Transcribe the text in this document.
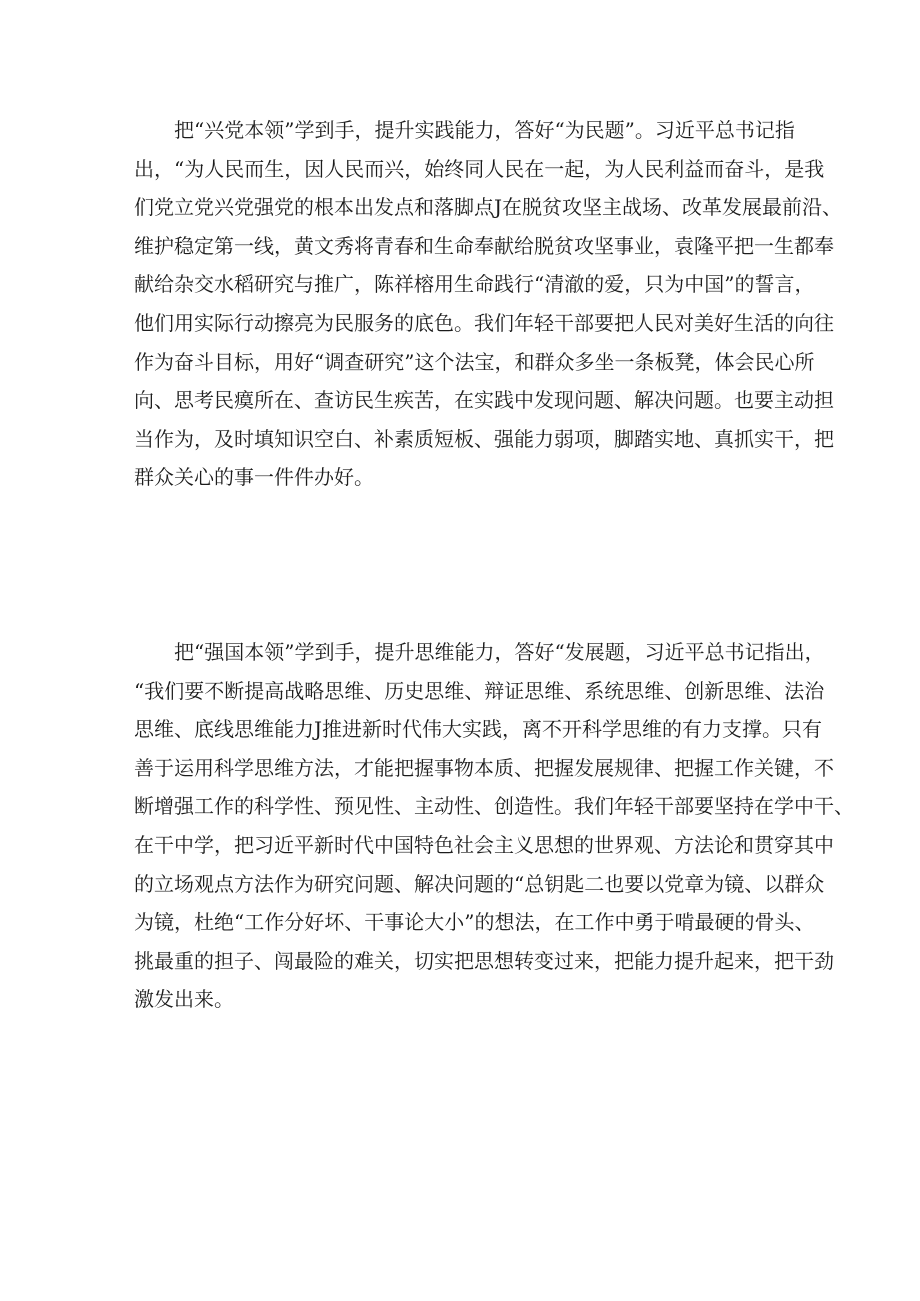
把“兴党本领”学到手，提升实践能力，答好“为民题”。习近平总书记指
出，“为人民而生，因人民而兴，始终同人民在一起，为人民利益而奋斗，是我
们党立党兴党强党的根本出发点和落脚点J在脱贫攻坚主战场、改革发展最前沿、
维护稳定第一线，黄文秀将青春和生命奉献给脱贫攻坚事业，袁隆平把一生都奉
献给杂交水稻研究与推广，陈祥榕用生命践行“清澈的爱，只为中国”的誓言，
他们用实际行动擦亮为民服务的底色。我们年轻干部要把人民对美好生活的向往
作为奋斗目标，用好“调查研究”这个法宝，和群众多坐一条板凳，体会民心所
向、思考民瘼所在、查访民生疾苦，在实践中发现问题、解决问题。也要主动担
当作为，及时填知识空白、补素质短板、强能力弱项，脚踏实地、真抓实干，把
群众关心的事一件件办好。
把“强国本领”学到手，提升思维能力，答好“发展题，习近平总书记指出，
“我们要不断提高战略思维、历史思维、辩证思维、系统思维、创新思维、法治
思维、底线思维能力J推进新时代伟大实践，离不开科学思维的有力支撑。只有
善于运用科学思维方法，才能把握事物本质、把握发展规律、把握工作关键，不
断增强工作的科学性、预见性、主动性、创造性。我们年轻干部要坚持在学中干、
在干中学，把习近平新时代中国特色社会主义思想的世界观、方法论和贯穿其中
的立场观点方法作为研究问题、解决问题的“总钥匙二也要以党章为镜、以群众
为镜，杜绝“工作分好坏、干事论大小”的想法，在工作中勇于啃最硬的骨头、
挑最重的担子、闯最险的难关，切实把思想转变过来，把能力提升起来，把干劲
激发出来。
